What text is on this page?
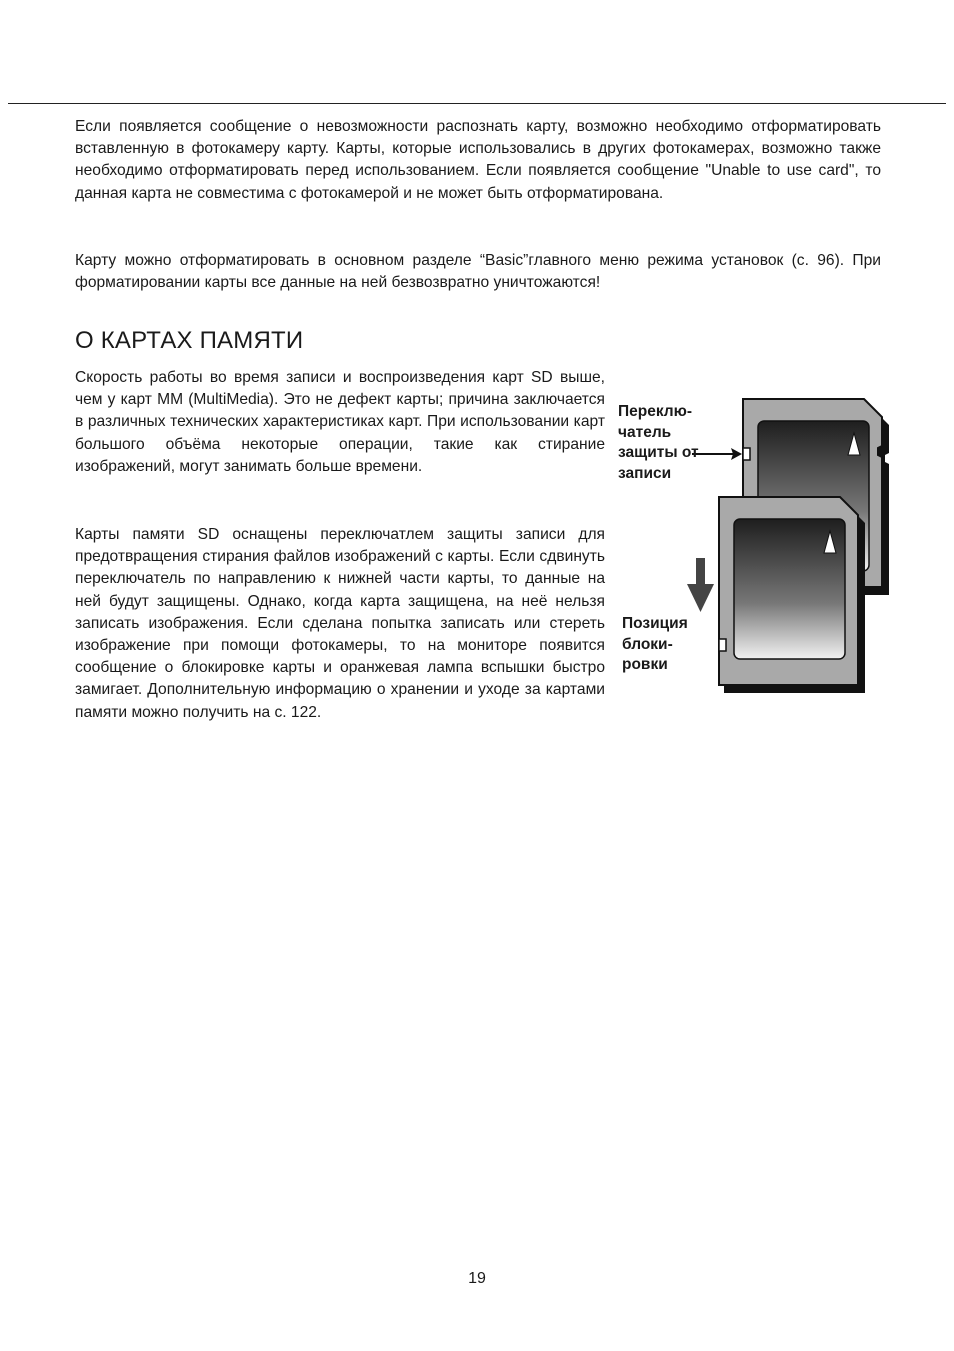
Если появляется сообщение о невозможности распознать карту, возможно необходимо отформатировать вставленную в фотокамеру карту. Карты, которые использовались в других фотокамерах, возможно также необходимо отформатировать перед использованием. Если появляется сообщение "Unable to use card", то данная карта не совместима с фотокамерой и не может быть отформатирована.

Карту можно отформатировать в основном разделе “Basic”главного меню режима установок (с. 96). При форматировании карты все данные на ней безвозвратно уничтожаются!

О КАРТАХ ПАМЯТИ

Скорость работы во время записи и воспроизведения карт SD выше, чем у карт MM (MultiMedia). Это не дефект карты; причина заключается в различных технических характеристиках карт. При использовании карт большого объёма некоторые операции, такие как стирание изображений, могут занимать больше времени.

Карты памяти SD оснащены переключатлем защиты записи для предотвращения стирания файлов изображений с карты. Если сдвинуть переключатель по направлению к нижней части карты, то данные на ней будут защищены. Однако, когда карта защищена, на неё нельзя записать изображения. Если сделана попытка записать или стереть изображение при помощи фотокамеры, то на мониторе появится сообщение о блокировке карты и оранжевая лампа вспышки быстро замигает. Дополнительную информацию о хранении и уходе за картами памяти можно получить на с. 122.

Переклю- чатель защиты от записи
Позиция блоки- ровки
19
